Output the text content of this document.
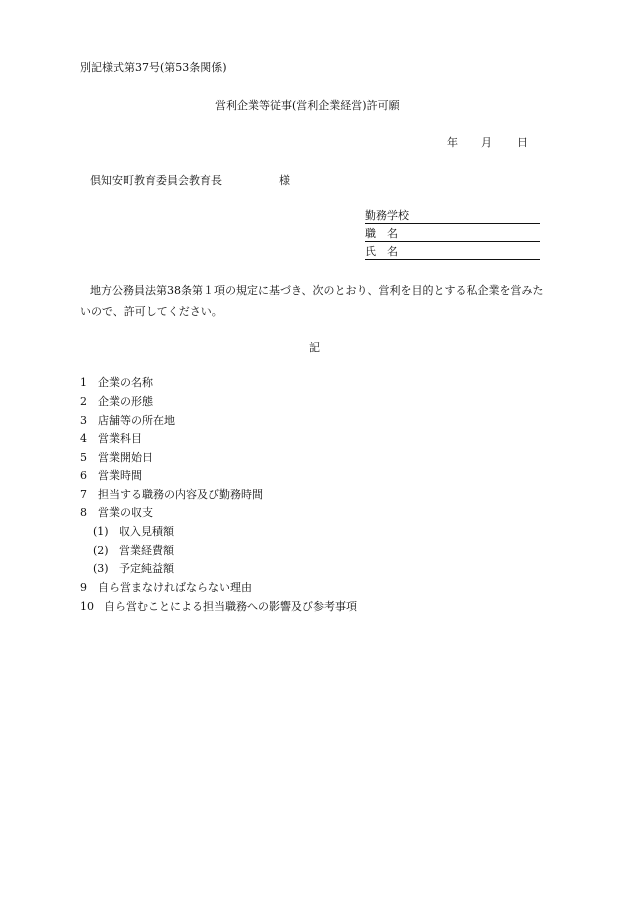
別記様式第37号(第53条関係)
営利企業等従事(営利企業経営)許可願
年 月 日
倶知安町教育委員会教育長	様
勤務学校
職　名
氏　名
地方公務員法第38条第１項の規定に基づき、次のとおり、営利を目的とする私企業を営みたいので、許可してください。
記
1 企業の名称
2 企業の形態
3 店舗等の所在地
4 営業科目
5 営業開始日
6 営業時間
7 担当する職務の内容及び勤務時間
8 営業の収支
(1) 収入見積額
(2) 営業経費額
(3) 予定純益額
9 自ら営まなければならない理由
10 自ら営むことによる担当職務への影響及び参考事項
